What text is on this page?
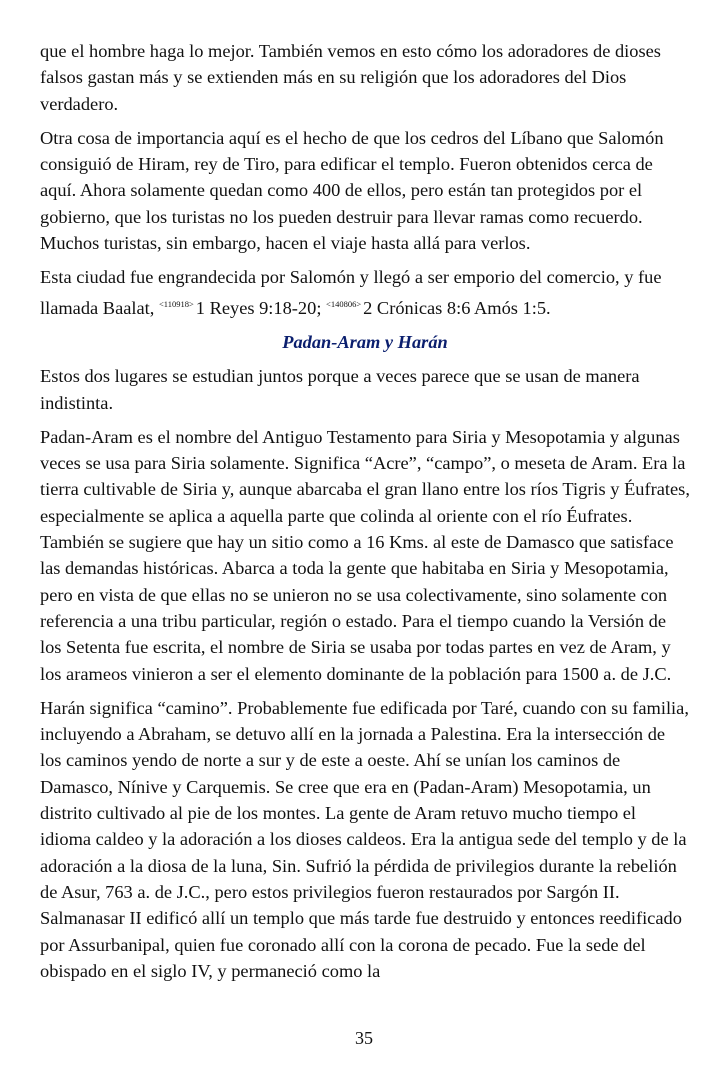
que el hombre haga lo mejor. También vemos en esto cómo los adoradores de dioses falsos gastan más y se extienden más en su religión que los adoradores del Dios verdadero.

Otra cosa de importancia aquí es el hecho de que los cedros del Líbano que Salomón consiguió de Hiram, rey de Tiro, para edificar el templo. Fueron obtenidos cerca de aquí. Ahora solamente quedan como 400 de ellos, pero están tan protegidos por el gobierno, que los turistas no los pueden destruir para llevar ramas como recuerdo. Muchos turistas, sin embargo, hacen el viaje hasta allá para verlos.

Esta ciudad fue engrandecida por Salomón y llegó a ser emporio del comercio, y fue llamada Baalat, $^{<110918>}$ 1 Reyes 9:18-20; $^{<140806>}$ 2 Crónicas 8:6 Amós 1:5.

Padan-Aram y Harán

Estos dos lugares se estudian juntos porque a veces parece que se usan de manera indistinta.

Padan-Aram es el nombre del Antiguo Testamento para Siria y Mesopotamia y algunas veces se usa para Siria solamente. Significa “Acre”, “campo”, o meseta de Aram. Era la tierra cultivable de Siria y, aunque abarcaba el gran llano entre los ríos Tigris y Éufrates, especialmente se aplica a aquella parte que colinda al oriente con el río Éufrates. También se sugiere que hay un sitio como a 16 Kms. al este de Damasco que satisface las demandas históricas. Abarca a toda la gente que habitaba en Siria y Mesopotamia, pero en vista de que ellas no se unieron no se usa colectivamente, sino solamente con referencia a una tribu particular, región o estado. Para el tiempo cuando la Versión de los Setenta fue escrita, el nombre de Siria se usaba por todas partes en vez de Aram, y los arameos vinieron a ser el elemento dominante de la población para 1500 a. de J.C.

Harán significa “camino”. Probablemente fue edificada por Taré, cuando con su familia, incluyendo a Abraham, se detuvo allí en la jornada a Palestina. Era la intersección de los caminos yendo de norte a sur y de este a oeste. Ahí se unían los caminos de Damasco, Nínive y Carquemis. Se cree que era en (Padan-Aram) Mesopotamia, un distrito cultivado al pie de los montes. La gente de Aram retuvo mucho tiempo el idioma caldeo y la adoración a los dioses caldeos. Era la antigua sede del templo y de la adoración a la diosa de la luna, Sin. Sufrió la pérdida de privilegios durante la rebelión de Asur, 763 a. de J.C., pero estos privilegios fueron restaurados por Sargón II. Salmanasar II edificó allí un templo que más tarde fue destruido y entonces reedificado por Assurbanipal, quien fue coronado allí con la corona de pecado. Fue la sede del obispado en el siglo IV, y permaneció como la

35
